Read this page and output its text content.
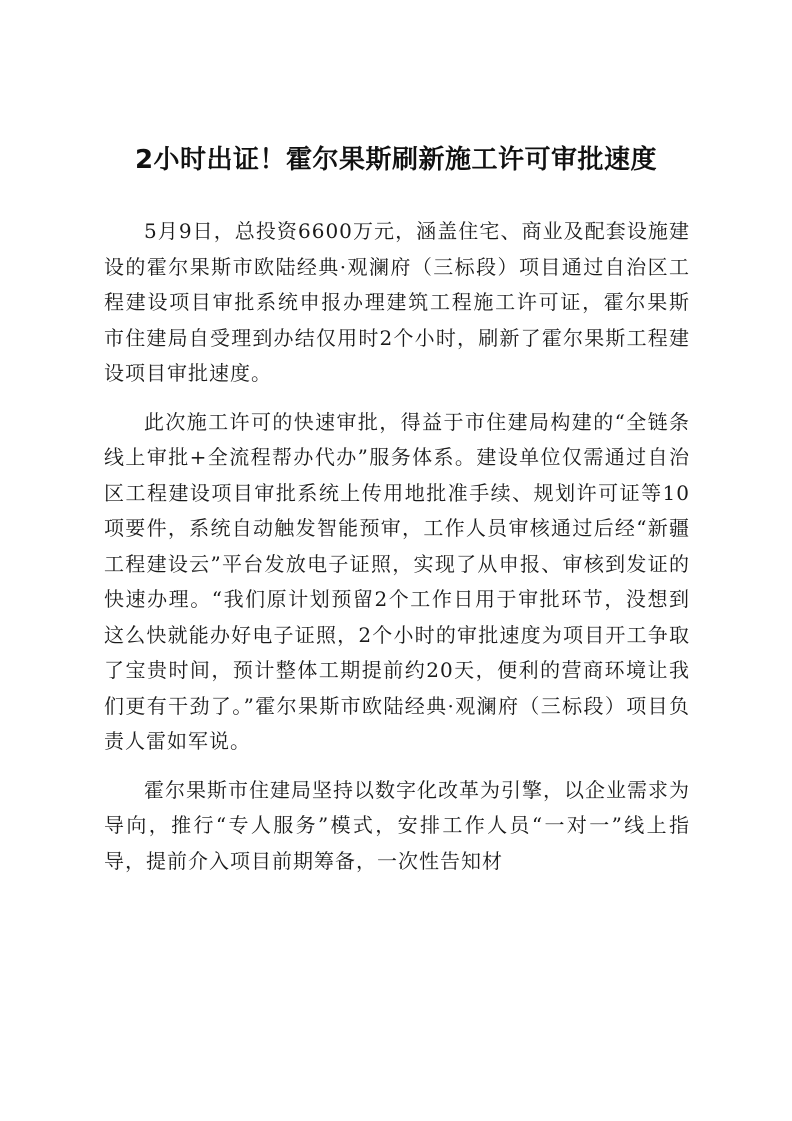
2小时出证！霍尔果斯刷新施工许可审批速度

5月9日，总投资6600万元，涵盖住宅、商业及配套设施建设的霍尔果斯市欧陆经典·观澜府（三标段）项目通过自治区工程建设项目审批系统申报办理建筑工程施工许可证，霍尔果斯市住建局自受理到办结仅用时2个小时，刷新了霍尔果斯工程建设项目审批速度。

此次施工许可的快速审批，得益于市住建局构建的“全链条线上审批+全流程帮办代办”服务体系。建设单位仅需通过自治区工程建设项目审批系统上传用地批准手续、规划许可证等10项要件，系统自动触发智能预审，工作人员审核通过后经“新疆工程建设云”平台发放电子证照，实现了从申报、审核到发证的快速办理。“我们原计划预留2个工作日用于审批环节，没想到这么快就能办好电子证照，2个小时的审批速度为项目开工争取了宝贵时间，预计整体工期提前约20天，便利的营商环境让我们更有干劲了。”霍尔果斯市欧陆经典·观澜府（三标段）项目负责人雷如军说。

霍尔果斯市住建局坚持以数字化改革为引擎，以企业需求为导向，推行“专人服务”模式，安排工作人员“一对一”线上指导，提前介入项目前期筹备，一次性告知材
